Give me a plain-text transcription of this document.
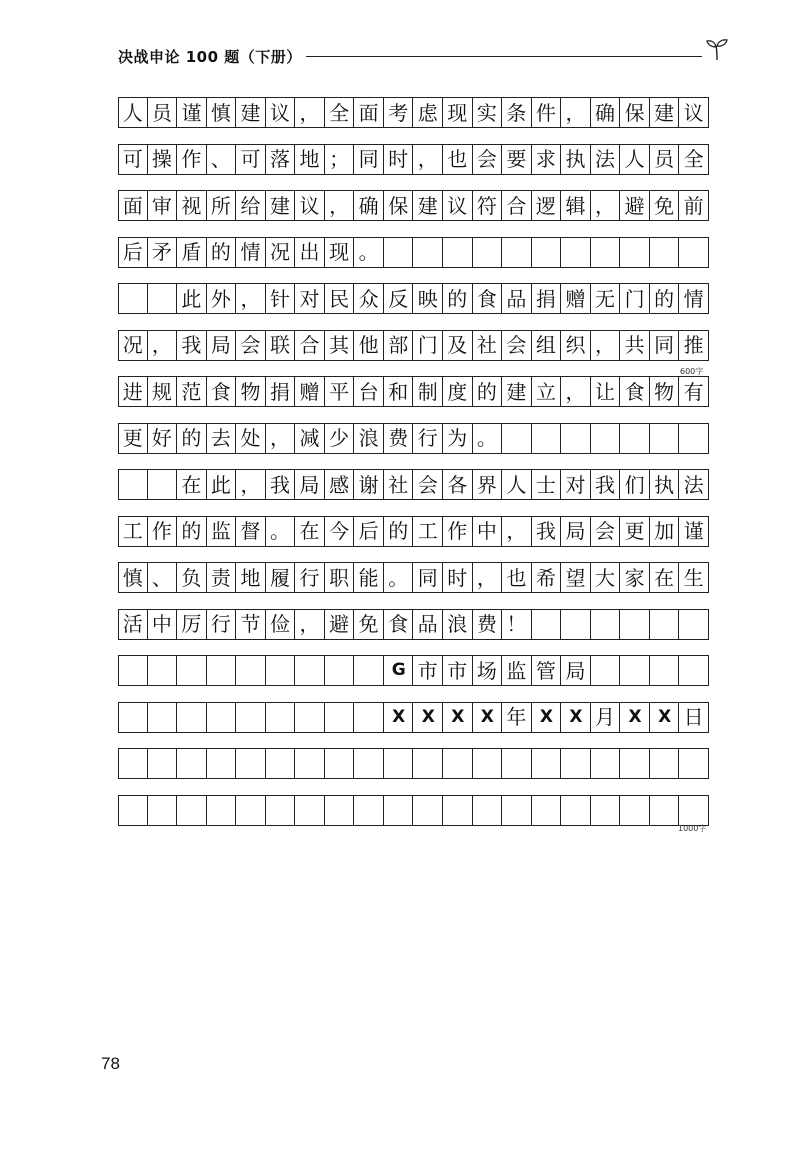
决战申论 100 题（下册）
人 员 谨 慎 建 议 ， 全 面 考 虑 现 实 条 件 ， 确 保 建 议
可 操 作 、 可 落 地 ； 同 时 ， 也 会 要 求 执 法 人 员 全
面 审 视 所 给 建 议 ， 确 保 建 议 符 合 逻 辑 ， 避 免 前
后 矛 盾 的 情 况 出 现 。
此 外 ， 针 对 民 众 反 映 的 食 品 捐 赠 无 门 的 情
况 ， 我 局 会 联 合 其 他 部 门 及 社 会 组 织 ， 共 同 推
进 规 范 食 物 捐 赠 平 台 和 制 度 的 建 立 ， 让 食 物 有
更 好 的 去 处 ， 减 少 浪 费 行 为 。
在 此 ， 我 局 感 谢 社 会 各 界 人 士 对 我 们 执 法
工 作 的 监 督 。 在 今 后 的 工 作 中 ， 我 局 会 更 加 谨
慎 、 负 责 地 履 行 职 能 。 同 时 ， 也 希 望 大 家 在 生
活 中 厉 行 节 俭 ， 避 免 食 品 浪 费 ！
G 市 市 场 监 管 局
X	X	X	X 年 X	X 月 X	X 日
600字
1000字
78
